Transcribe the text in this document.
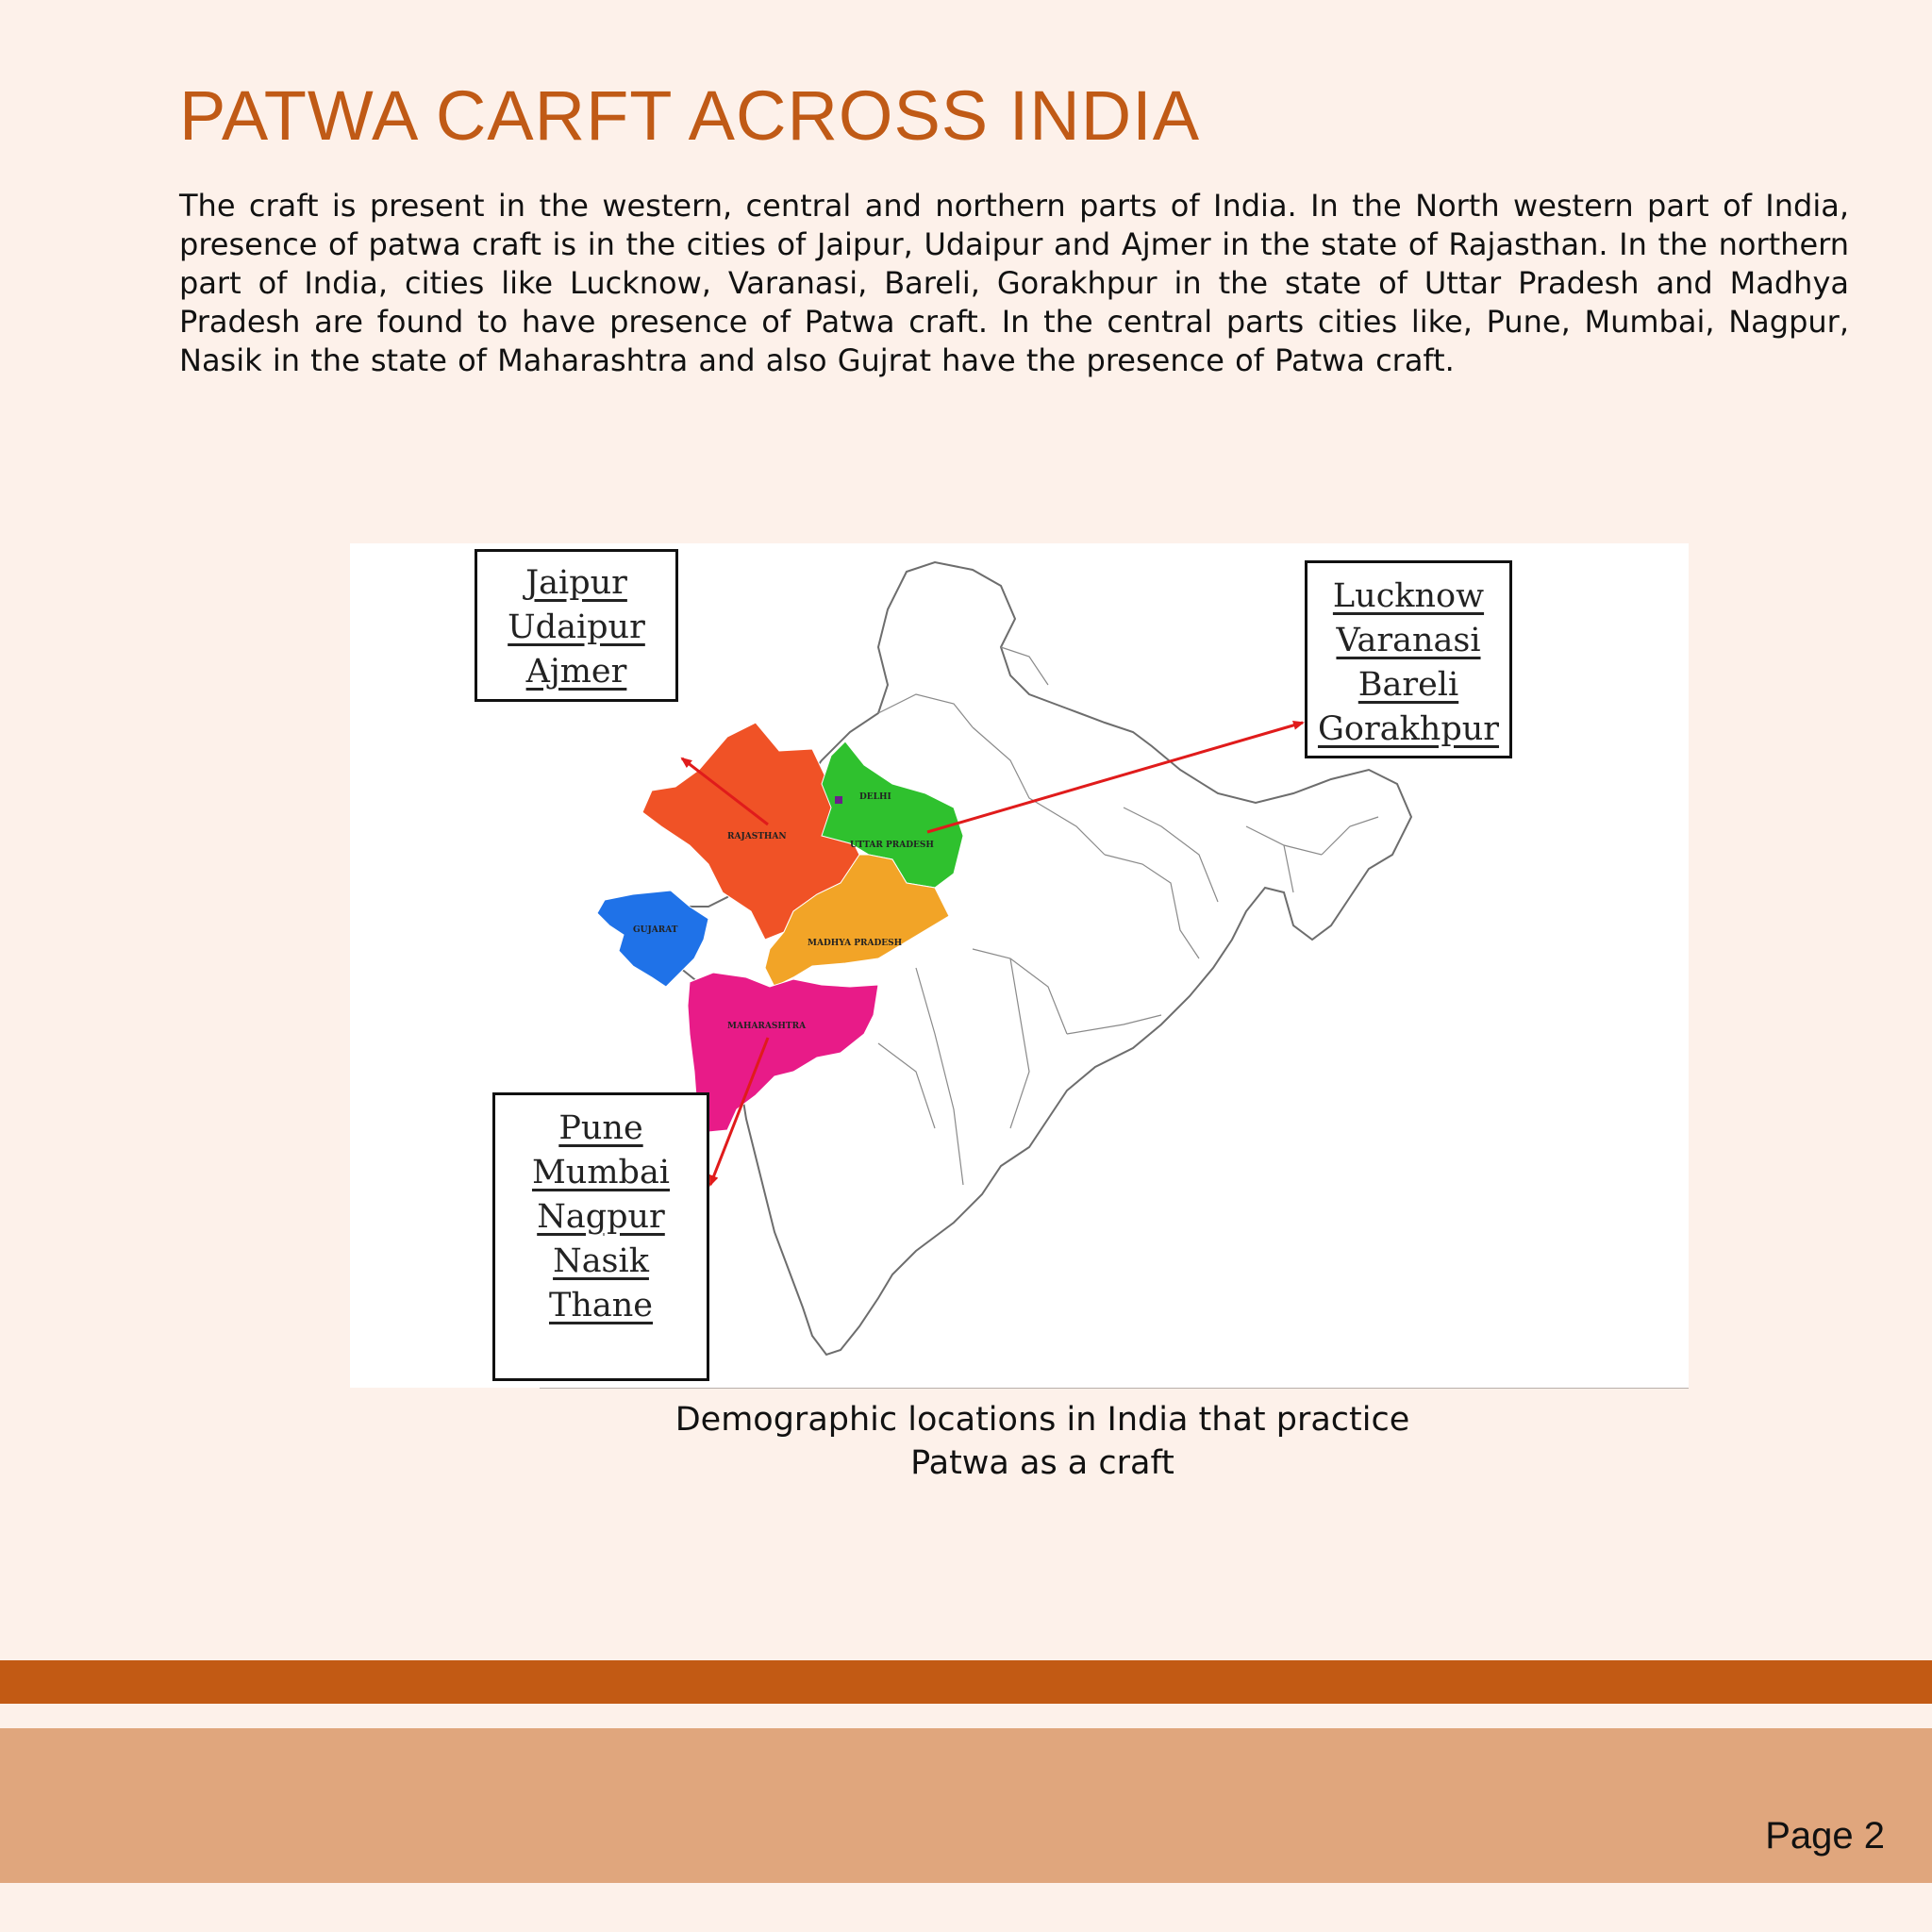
PATWA CARFT ACROSS INDIA
The craft is present in the western, central and northern parts of India. In the North western part of India, presence of patwa craft is in the cities of Jaipur, Udaipur and Ajmer in the state of Rajasthan. In the northern part of India, cities like Lucknow, Varanasi, Bareli, Gorakhpur in the state of Uttar Pradesh and Madhya Pradesh are found to have presence of Patwa craft. In the central parts cities like, Pune, Mumbai, Nagpur, Nasik in the state of Maharashtra and also Gujrat have the presence of Patwa craft.
DELHI
RAJASTHAN
UTTAR PRADESH
GUJARAT
MADHYA PRADESH
MAHARASHTRA
Jaipur
Udaipur
Ajmer
Lucknow
Varanasi
Bareli
Gorakhpur
Pune
Mumbai
Nagpur
Nasik
Thane
Demographic locations in India that practice
Patwa as a craft
Page 2
